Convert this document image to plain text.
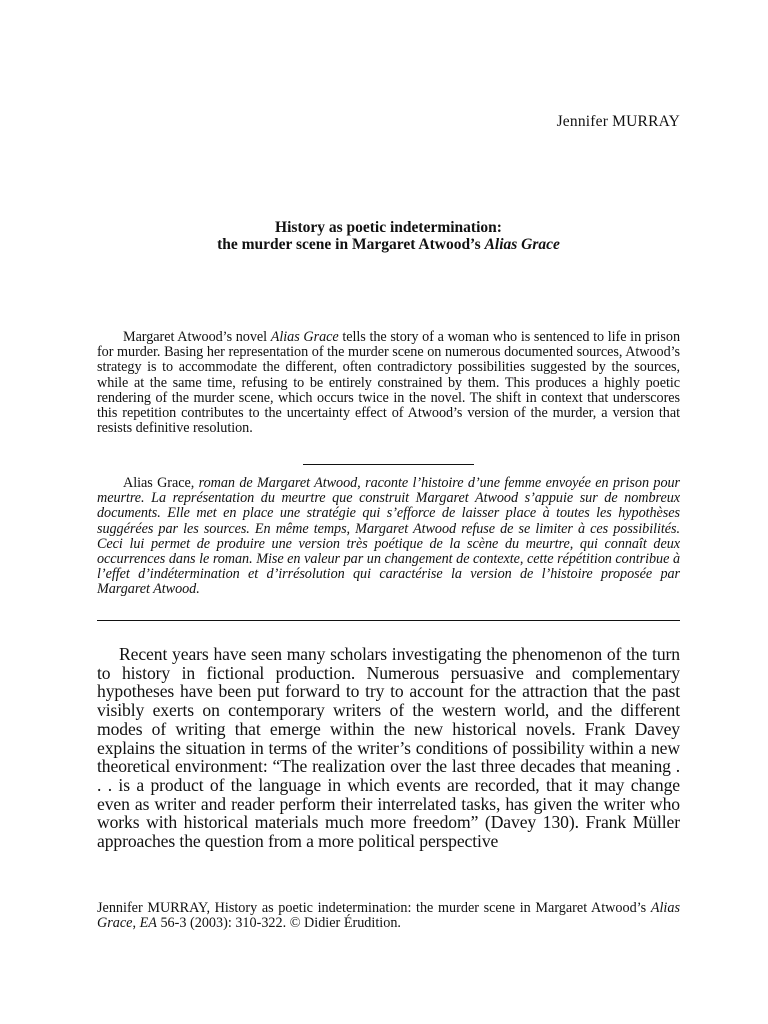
Jennifer MURRAY
History as poetic indetermination:
the murder scene in Margaret Atwood’s Alias Grace

Margaret Atwood’s novel Alias Grace tells the story of a woman who is sentenced to life in prison for murder. Basing her representation of the murder scene on numerous documented sources, Atwood’s strategy is to accommodate the different, often contradictory possibilities suggested by the sources, while at the same time, refusing to be entirely constrained by them. This produces a highly poetic rendering of the murder scene, which occurs twice in the novel. The shift in context that underscores this repetition contributes to the uncertainty effect of Atwood’s version of the murder, a version that resists definitive resolution.

Alias Grace, roman de Margaret Atwood, raconte l’histoire d’une femme envoyée en prison pour meurtre. La représentation du meurtre que construit Margaret Atwood s’appuie sur de nombreux documents. Elle met en place une stratégie qui s’efforce de laisser place à toutes les hypothèses suggérées par les sources. En même temps, Margaret Atwood refuse de se limiter à ces possibilités. Ceci lui permet de produire une version très poétique de la scène du meurtre, qui connaît deux occurrences dans le roman. Mise en valeur par un changement de contexte, cette répétition contribue à l’effet d’indétermination et d’irrésolution qui caractérise la version de l’histoire proposée par Margaret Atwood.

Recent years have seen many scholars investigating the phenomenon of the turn to history in fictional production. Numerous persuasive and complementary hypotheses have been put forward to try to account for the attraction that the past visibly exerts on contemporary writers of the western world, and the different modes of writing that emerge within the new historical novels. Frank Davey explains the situation in terms of the writer’s conditions of possibility within a new theoretical environment: “The realization over the last three decades that meaning . . . is a product of the language in which events are recorded, that it may change even as writer and reader perform their interrelated tasks, has given the writer who works with historical materials much more freedom” (Davey 130). Frank Müller approaches the question from a more political perspective

Jennifer MURRAY, History as poetic indetermination: the murder scene in Margaret Atwood’s Alias Grace, EA 56-3 (2003): 310-322. © Didier Érudition.
